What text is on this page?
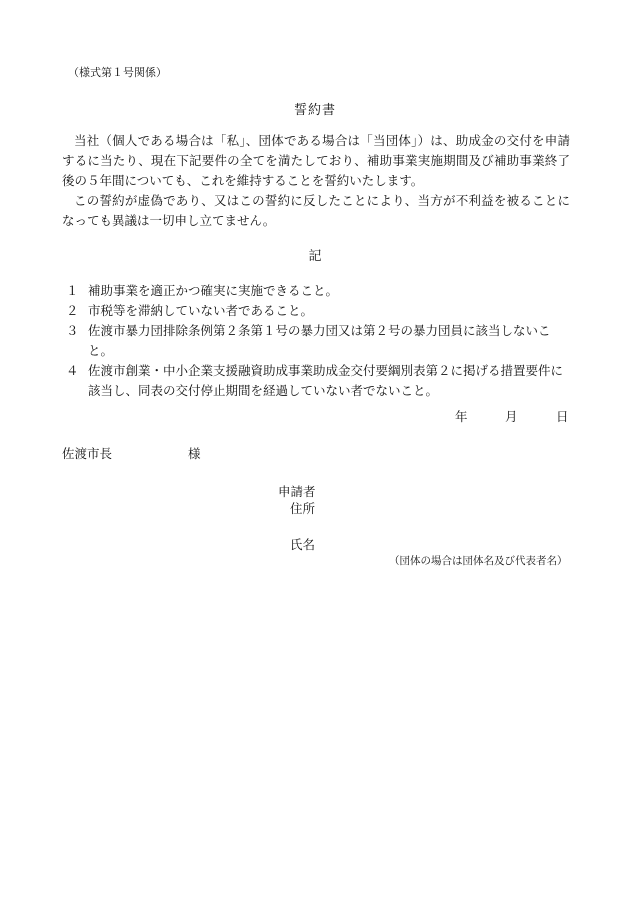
（様式第１号関係）
誓約書
当社（個人である場合は「私」、団体である場合は「当団体」）は、助成金の交付を申請するに当たり、現在下記要件の全てを満たしており、補助事業実施期間及び補助事業終了後の５年間についても、これを維持することを誓約いたします。
この誓約が虚偽であり、又はこの誓約に反したことにより、当方が不利益を被ることになっても異議は一切申し立てません。
記
１ 補助事業を適正かつ確実に実施できること。
２ 市税等を滞納していない者であること。
３ 佐渡市暴力団排除条例第２条第１号の暴力団又は第２号の暴力団員に該当しないこと。
４ 佐渡市創業・中小企業支援融資助成事業助成金交付要綱別表第２に掲げる措置要件に該当し、同表の交付停止期間を経過していない者でないこと。
年	月	日
佐渡市長	様
申請者
住所
氏名
（団体の場合は団体名及び代表者名）
